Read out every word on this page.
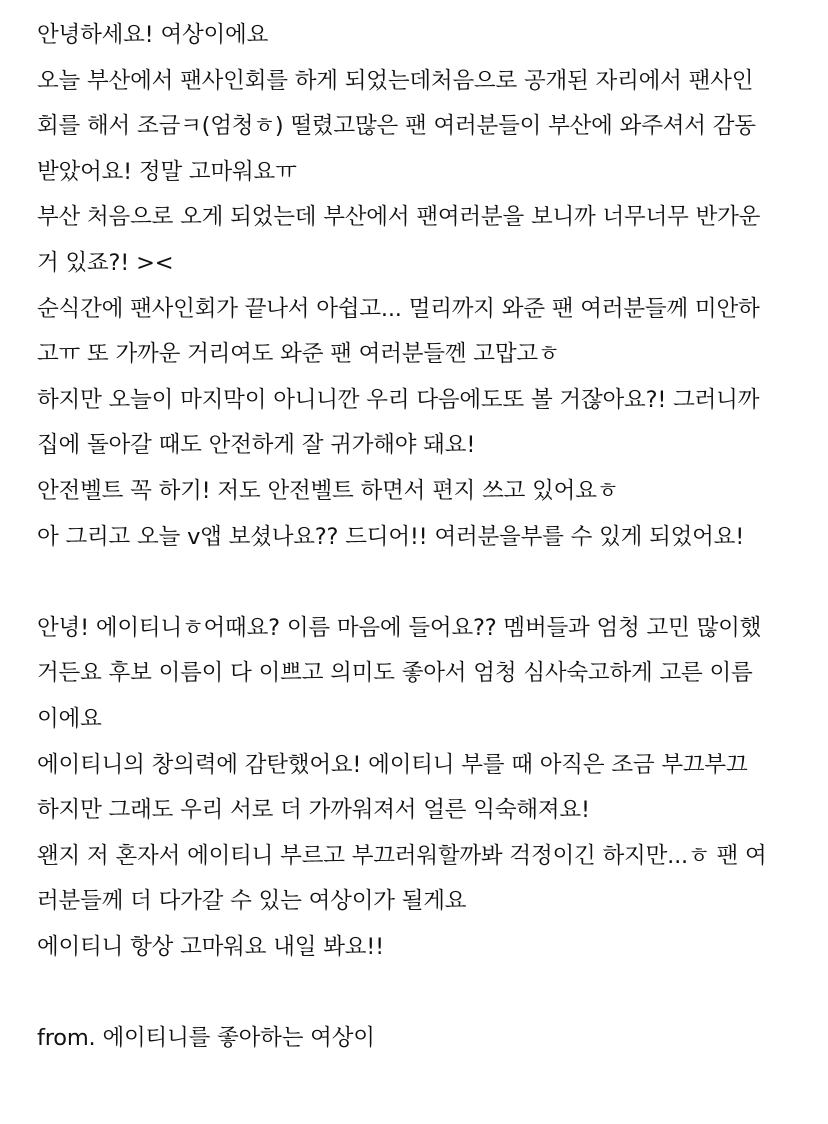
안녕하세요! 여상이에요
오늘 부산에서 팬사인회를 하게 되었는데처음으로 공개된 자리에서 팬사인
회를 해서 조금ㅋ(엄청ㅎ) 떨렸고많은 팬 여러분들이 부산에 와주셔서 감동
받았어요! 정말 고마워요ㅠ
부산 처음으로 오게 되었는데 부산에서 팬여러분을 보니까 너무너무 반가운
거 있죠?! ><
순식간에 팬사인회가 끝나서 아쉽고... 멀리까지 와준 팬 여러분들께 미안하
고ㅠ 또 가까운 거리여도 와준 팬 여러분들껜 고맙고ㅎ
하지만 오늘이 마지막이 아니니깐 우리 다음에도또 볼 거잖아요?! 그러니까
집에 돌아갈 때도 안전하게 잘 귀가해야 돼요!
안전벨트 꼭 하기! 저도 안전벨트 하면서 편지 쓰고 있어요ㅎ
아 그리고 오늘 v앱 보셨나요?? 드디어!! 여러분을부를 수 있게 되었어요!
안녕! 에이티니ㅎ어때요? 이름 마음에 들어요?? 멤버들과 엄청 고민 많이했
거든요 후보 이름이 다 이쁘고 의미도 좋아서 엄청 심사숙고하게 고른 이름
이에요
에이티니의 창의력에 감탄했어요! 에이티니 부를 때 아직은 조금 부끄부끄
하지만 그래도 우리 서로 더 가까워져서 얼른 익숙해져요!
왠지 저 혼자서 에이티니 부르고 부끄러워할까봐 걱정이긴 하지만...ㅎ 팬 여
러분들께 더 다가갈 수 있는 여상이가 될게요
에이티니 항상 고마워요 내일 봐요!!
from. 에이티니를 좋아하는 여상이
